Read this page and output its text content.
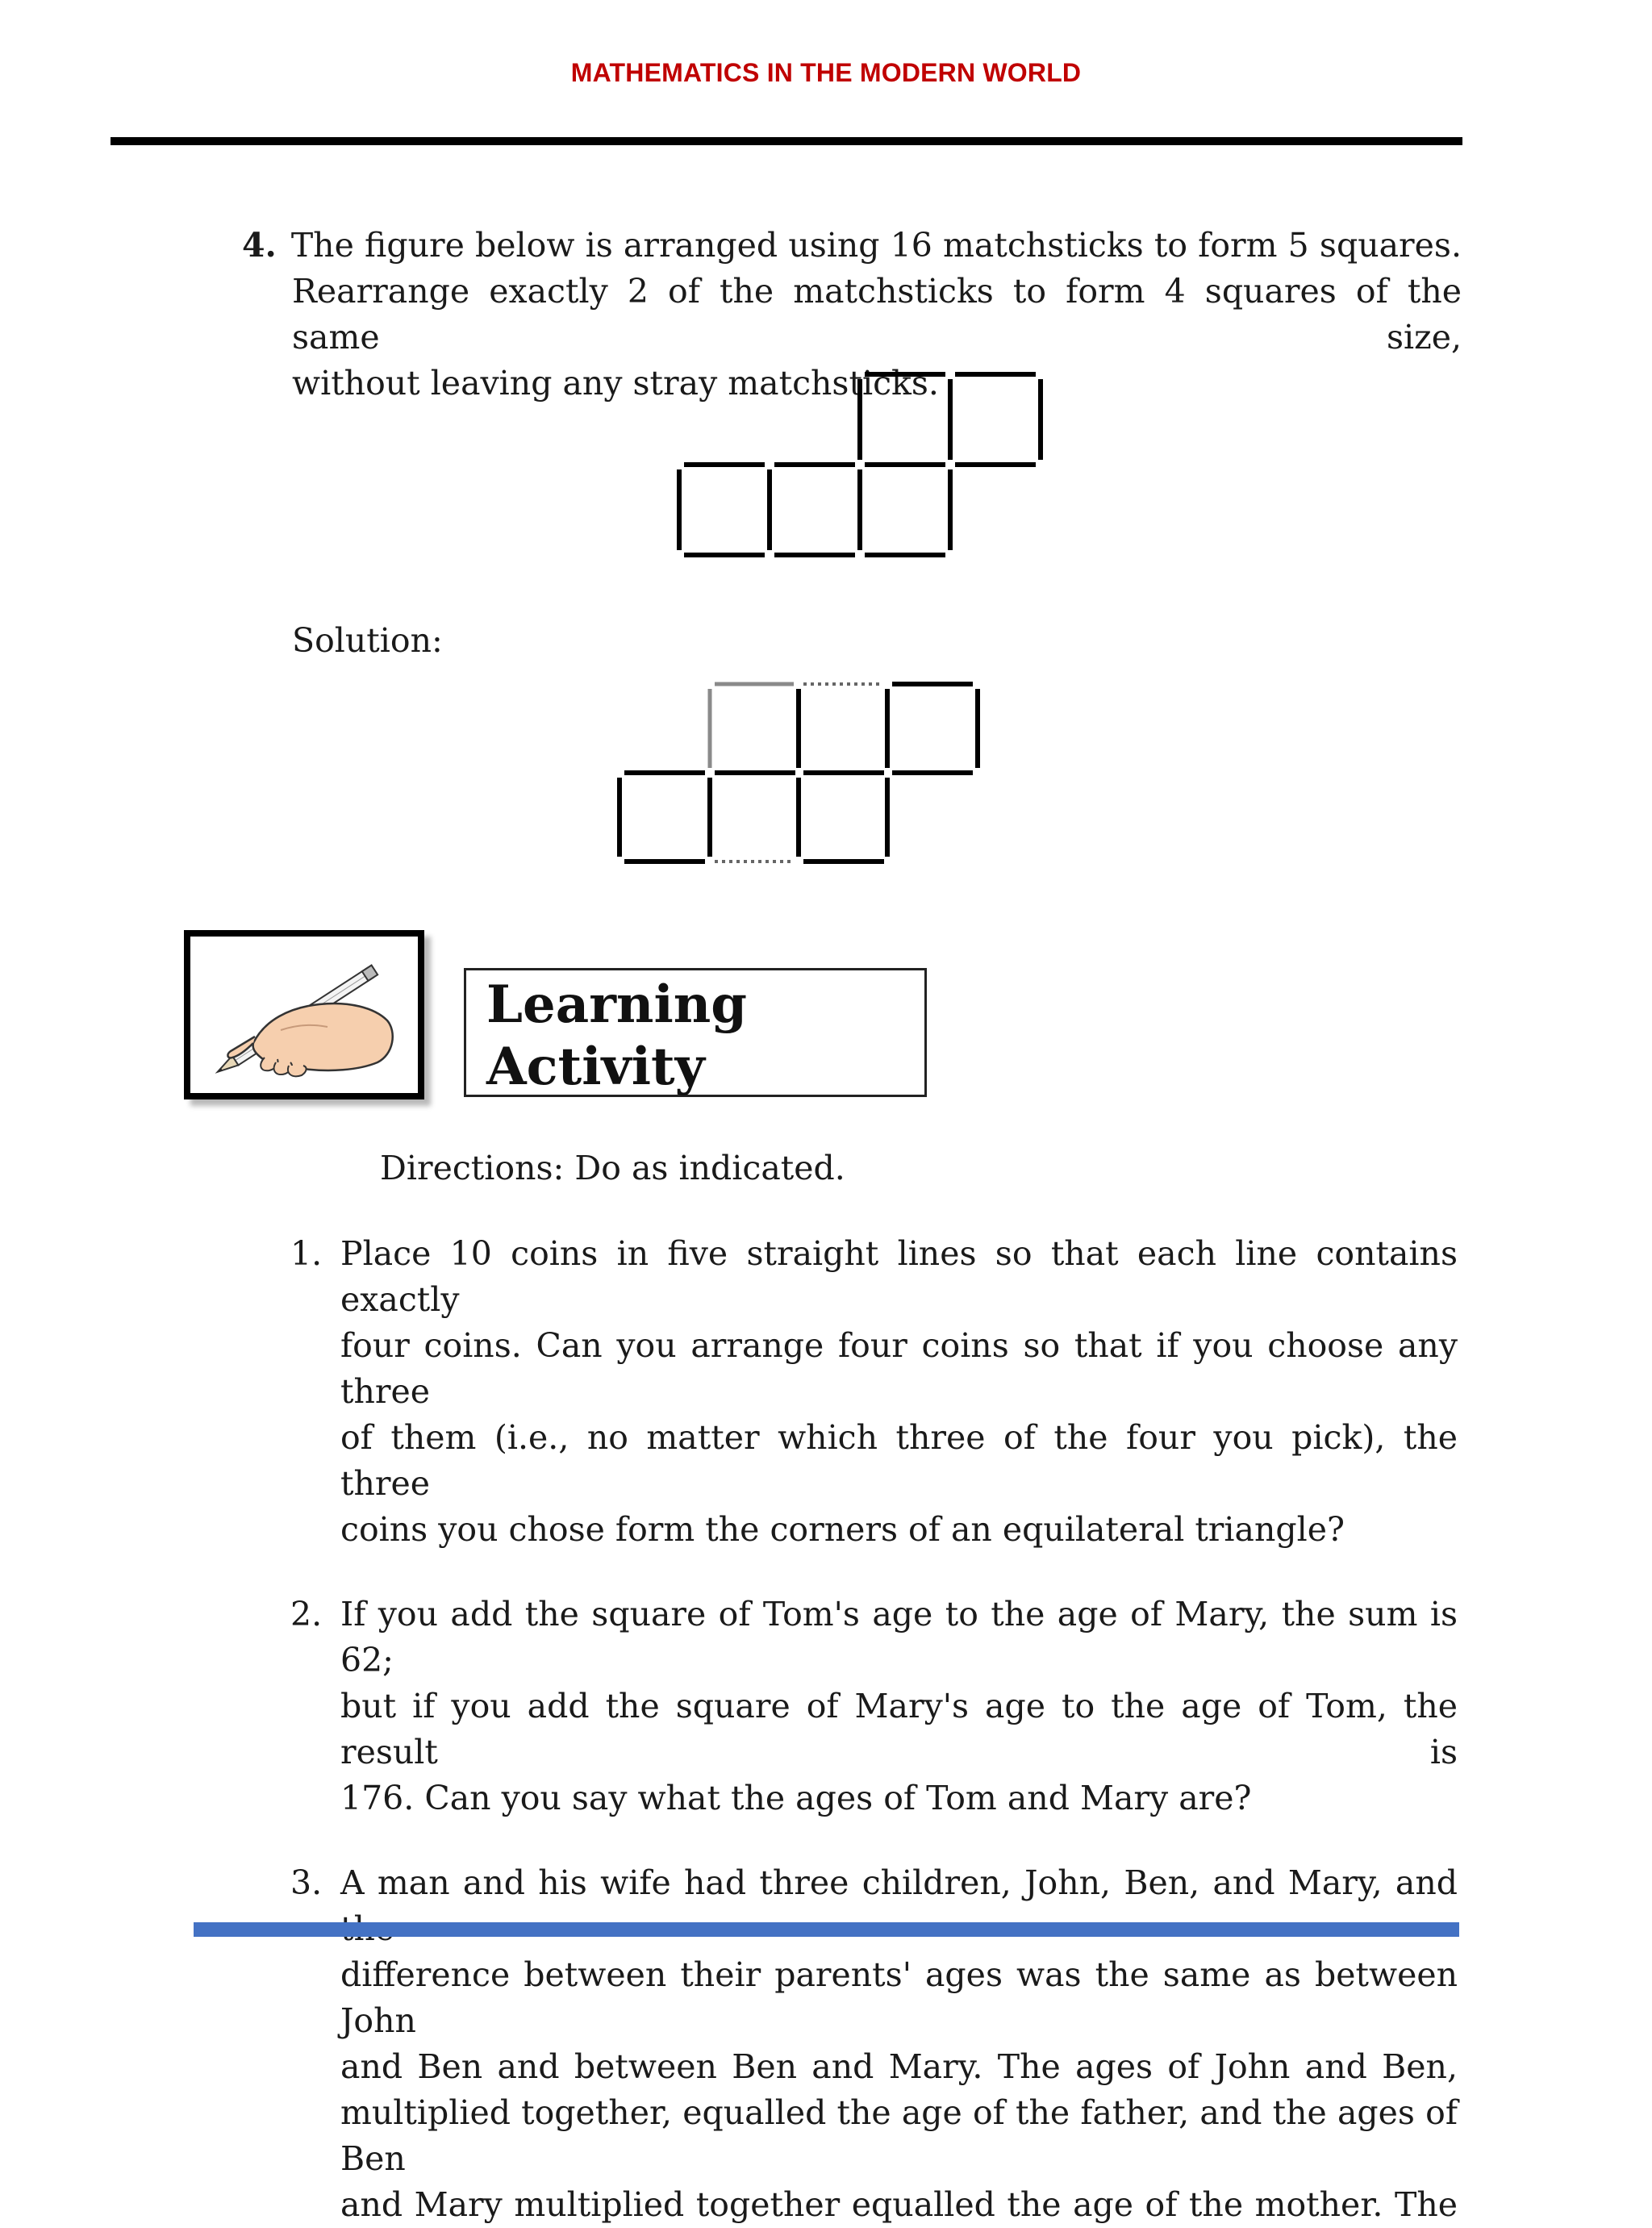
MATHEMATICS IN THE MODERN WORLD
4. The figure below is arranged using 16 matchsticks to form 5 squares.
Rearrange exactly 2 of the matchsticks to form 4 squares of the same size,
without leaving any stray matchsticks.
Solution:
Learning
Activity
Directions: Do as indicated.
1. Place 10 coins in five straight lines so that each line contains exactly
four coins. Can you arrange four coins so that if you choose any three
of them (i.e., no matter which three of the four you pick), the three
coins you chose form the corners of an equilateral triangle?
2. If you add the square of Tom's age to the age of Mary, the sum is 62;
but if you add the square of Mary's age to the age of Tom, the result is
176. Can you say what the ages of Tom and Mary are?
3. A man and his wife had three children, John, Ben, and Mary, and
difference between their parents' ages was the same as between John
and Ben and between Ben and Mary. The ages of John and Ben,
multiplied together, equalled the age of the father, and the ages of Ben
and Mary multiplied together equalled the age of the mother. The
